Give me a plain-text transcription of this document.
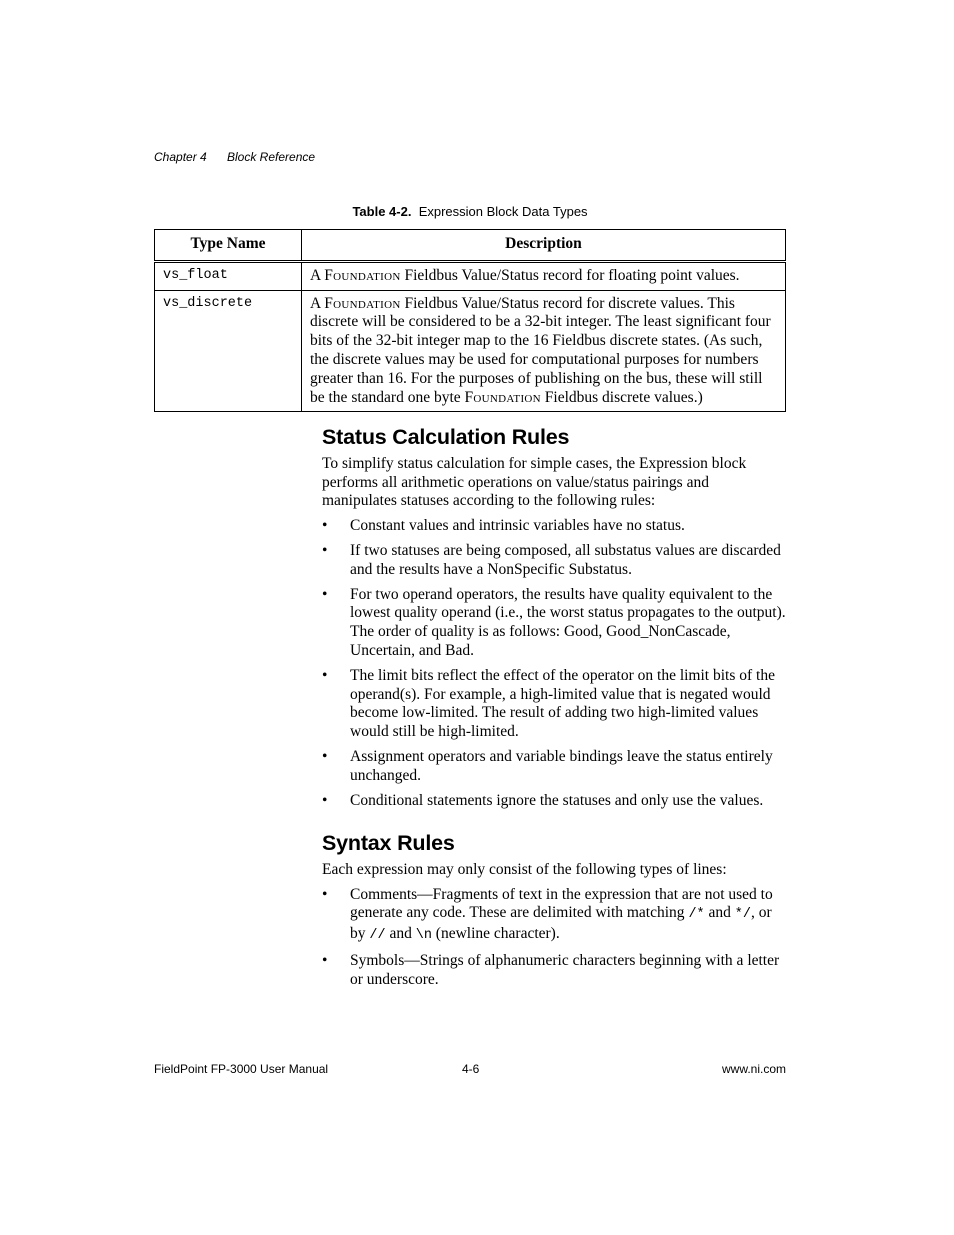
Chapter 4 Block Reference
Table 4-2. Expression Block Data Types
Type Name	Description
vs_float	A Foundation Fieldbus Value/Status record for floating point values.
vs_discrete	A Foundation Fieldbus Value/Status record for discrete values. This discrete will be considered to be a 32-bit integer. The least significant four bits of the 32-bit integer map to the 16 Fieldbus discrete states. (As such, the discrete values may be used for computational purposes for numbers greater than 16. For the purposes of publishing on the bus, these will still be the standard one byte Foundation Fieldbus discrete values.)
Status Calculation Rules

To simplify status calculation for simple cases, the Expression block performs all arithmetic operations on value/status pairings and manipulates statuses according to the following rules:

• Constant values and intrinsic variables have no status.
• If two statuses are being composed, all substatus values are discarded and the results have a NonSpecific Substatus.
• For two operand operators, the results have quality equivalent to the lowest quality operand (i.e., the worst status propagates to the output). The order of quality is as follows: Good, Good_NonCascade, Uncertain, and Bad.
• The limit bits reflect the effect of the operator on the limit bits of the operand(s). For example, a high-limited value that is negated would become low-limited. The result of adding two high-limited values would still be high-limited.
• Assignment operators and variable bindings leave the status entirely unchanged.
• Conditional statements ignore the statuses and only use the values.
Syntax Rules

Each expression may only consist of the following types of lines:

• Comments—Fragments of text in the expression that are not used to generate any code. These are delimited with matching /* and */, or by // and \n (newline character).
• Symbols—Strings of alphanumeric characters beginning with a letter or underscore.
FieldPoint FP-3000 User Manual	4-6	www.ni.com
